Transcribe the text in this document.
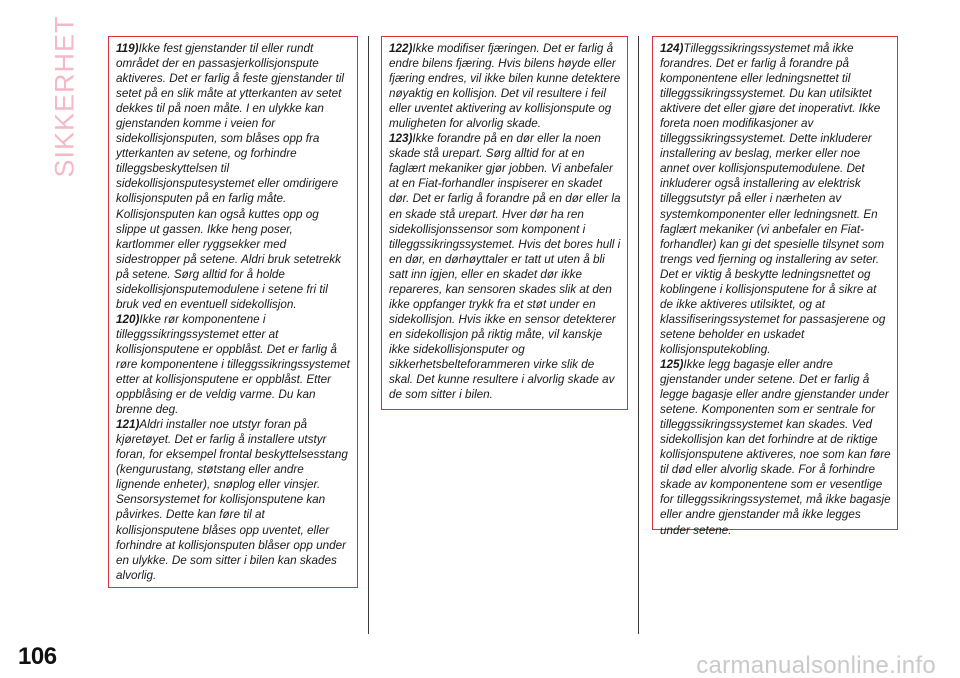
SIKKERHET	119)Ikke fest gjenstander til eller rundt området der en passasjerkollisjonspute aktiveres. Det er farlig å feste gjenstander til setet på en slik måte at ytterkanten av setet dekkes til på noen måte. I en ulykke kan gjenstanden komme i veien for sidekollisjonsputen, som blåses opp fra ytterkanten av setene, og forhindre tilleggsbeskyttelsen til sidekollisjonsputesystemet eller omdirigere kollisjonsputen på en farlig måte. Kollisjonsputen kan også kuttes opp og slippe ut gassen. Ikke heng poser, kartlommer eller ryggsekker med sidestropper på setene. Aldri bruk setetrekk på setene. Sørg alltid for å holde sidekollisjonsputemodulene i setene fri til bruk ved en eventuell sidekollisjon.

120)Ikke rør komponentene i tilleggssikringssystemet etter at kollisjonsputene er oppblåst. Det er farlig å røre komponentene i tilleggssikringssystemet etter at kollisjonsputene er oppblåst. Etter oppblåsing er de veldig varme. Du kan brenne deg.

121)Aldri installer noe utstyr foran på kjøretøyet. Det er farlig å installere utstyr foran, for eksempel frontal beskyttelsesstang (kengurustang, støtstang eller andre lignende enheter), snøplog eller vinsjer. Sensorsystemet for kollisjonsputene kan påvirkes. Dette kan føre til at kollisjonsputene blåses opp uventet, eller forhindre at kollisjonsputen blåser opp under en ulykke. De som sitter i bilen kan skades alvorlig.

122)Ikke modifiser fjæringen. Det er farlig å endre bilens fjæring. Hvis bilens høyde eller fjæring endres, vil ikke bilen kunne detektere nøyaktig en kollisjon. Det vil resultere i feil eller uventet aktivering av kollisjonspute og muligheten for alvorlig skade.

123)Ikke forandre på en dør eller la noen skade stå urepart. Sørg alltid for at en faglært mekaniker gjør jobben. Vi anbefaler at en Fiat-forhandler inspiserer en skadet dør. Det er farlig å forandre på en dør eller la en skade stå urepart. Hver dør ha ren sidekollisjonssensor som komponent i tilleggssikringssystemet. Hvis det bores hull i en dør, en dørhøyttaler er tatt ut uten å bli satt inn igjen, eller en skadet dør ikke repareres, kan sensoren skades slik at den ikke oppfanger trykk fra et støt under en sidekollisjon. Hvis ikke en sensor detekterer en sidekollisjon på riktig måte, vil kanskje ikke sidekollisjonsputer og sikkerhetsbelteforammeren virke slik de skal. Det kunne resultere i alvorlig skade av de som sitter i bilen.

124)Tilleggssikringssystemet må ikke forandres. Det er farlig å forandre på komponentene eller ledningsnettet til tilleggssikringssystemet. Du kan utilsiktet aktivere det eller gjøre det inoperativt. Ikke foreta noen modifikasjoner av tilleggssikringssystemet. Dette inkluderer installering av beslag, merker eller noe annet over kollisjonsputemodulene. Det inkluderer også installering av elektrisk tilleggsutstyr på eller i nærheten av systemkomponenter eller ledningsnett. En faglært mekaniker (vi anbefaler en Fiat-forhandler) kan gi det spesielle tilsynet som trengs ved fjerning og installering av seter. Det er viktig å beskytte ledningsnettet og koblingene i kollisjonsputene for å sikre at de ikke aktiveres utilsiktet, og at klassifiseringssystemet for passasjerene og setene beholder en uskadet kollisjonsputekobling.

125)Ikke legg bagasje eller andre gjenstander under setene. Det er farlig å legge bagasje eller andre gjenstander under setene. Komponenten som er sentrale for tilleggssikringssystemet kan skades. Ved sidekollisjon kan det forhindre at de riktige kollisjonsputene aktiveres, noe som kan føre til død eller alvorlig skade. For å forhindre skade av komponentene som er vesentlige for tilleggssikringssystemet, må ikke bagasje eller andre gjenstander må ikke legges under setene.

106	carmanualsonline.info
